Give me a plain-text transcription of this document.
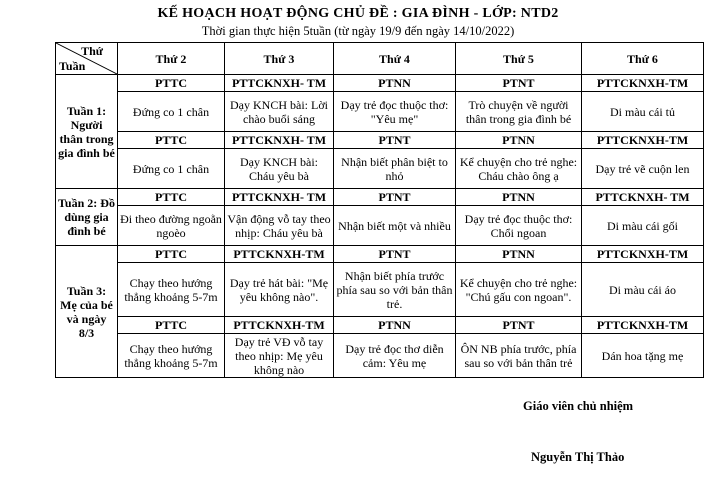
KẾ HOẠCH HOẠT ĐỘNG CHỦ ĐỀ : GIA ĐÌNH - LỚP: NTD2
Thời gian thực hiện 5tuần (từ ngày 19/9 đến ngày 14/10/2022)
Thứ
Tuần	Thứ 2	Thứ 3	Thứ 4	Thứ 5	Thứ 6
Tuần 1: Người thân trong gia đình bé	PTTC	PTTCKNXH- TM	PTNN	PTNT	PTTCKNXH-TM
	Đứng co 1 chân	Dạy KNCH bài: Lời chào buổi sáng	Dạy trẻ đọc thuộc thơ: "Yêu mẹ"	Trò chuyện về người thân trong gia đình bé	Di màu cái tủ
	PTTC	PTTCKNXH- TM	PTNT	PTNN	PTTCKNXH-TM
	Đứng co 1 chân	Dạy KNCH bài: Cháu yêu bà	Nhận biết phân biệt to nhỏ	Kể chuyện cho trẻ nghe: Cháu chào ông ạ	Dạy trẻ vẽ cuộn len
Tuần 2: Đồ dùng gia đình bé	PTTC	PTTCKNXH- TM	PTNT	PTNN	PTTCKNXH- TM
	Đi theo đường ngoằn ngoèo	Vận động vỗ tay theo nhịp: Cháu yêu bà	Nhận biết một và nhiều	Dạy trẻ đọc thuộc thơ: Chổi ngoan	Di màu cái gối
Tuần 3: Mẹ của bé và ngày 8/3	PTTC	PTTCKNXH-TM	PTNT	PTNN	PTTCKNXH-TM
	Chạy theo hướng thẳng khoảng 5-7m	Dạy trẻ hát bài: "Mẹ yêu không nào".	Nhận biết phía trước phía sau so với bản thân trẻ.	Kể chuyện cho trẻ nghe: "Chú gấu con ngoan".	Di màu cái áo
	PTTC	PTTCKNXH-TM	PTNN	PTNT	PTTCKNXH-TM
	Chạy theo hướng thẳng khoảng 5-7m	Dạy trẻ VĐ vỗ tay theo nhịp: Mẹ yêu không nào	Dạy trẻ đọc thơ diễn cảm: Yêu mẹ	ÔN NB phía trước, phía sau so với bản thân trẻ	Dán hoa tặng mẹ
Giáo viên chủ nhiệm
Nguyễn Thị Thảo
